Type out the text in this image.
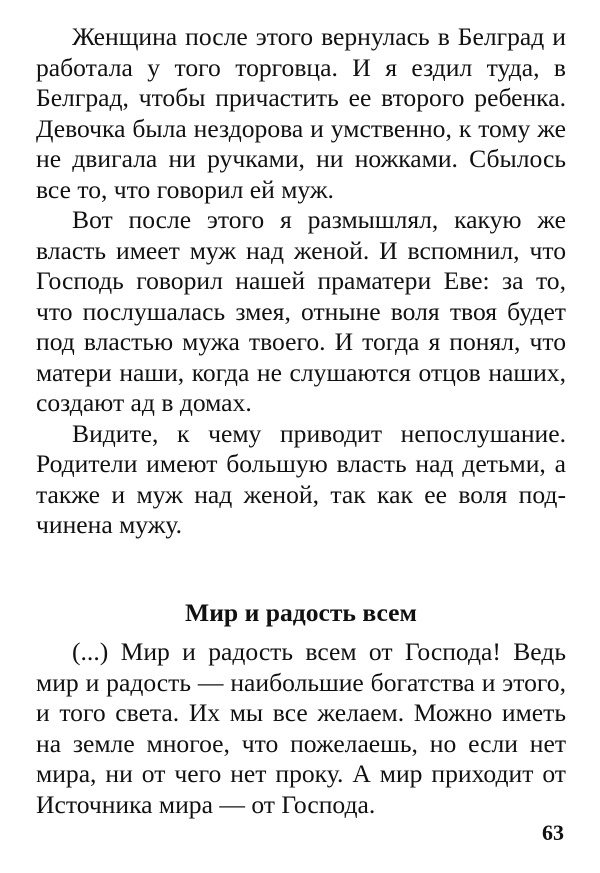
Женщина после этого вернулась в Белград и работала у того торговца. И я ездил туда, в Белград, чтобы причастить ее второго ребенка. Девочка была нездорова и умственно, к тому же не двигала ни ручками, ни ножками. Сбылось все то, что говорил ей муж.

Вот после этого я размышлял, какую же власть имеет муж над женой. И вспомнил, что Господь говорил нашей праматери Еве: за то, что послушалась змея, отныне воля твоя будет под властью мужа твоего. И тогда я понял, что матери наши, когда не слушаются отцов наших, создают ад в домах.

Видите, к чему приводит непослушание. Родители имеют большую власть над детьми, а также и муж над женой, так как ее воля подчинена мужу.

Мир и радость всем

(...) Мир и радость всем от Господа! Ведь мир и радость — наибольшие богатства и этого, и того света. Их мы все желаем. Можно иметь на земле многое, что пожелаешь, но если нет мира, ни от чего нет проку. А мир приходит от Источника мира — от Господа.

63
